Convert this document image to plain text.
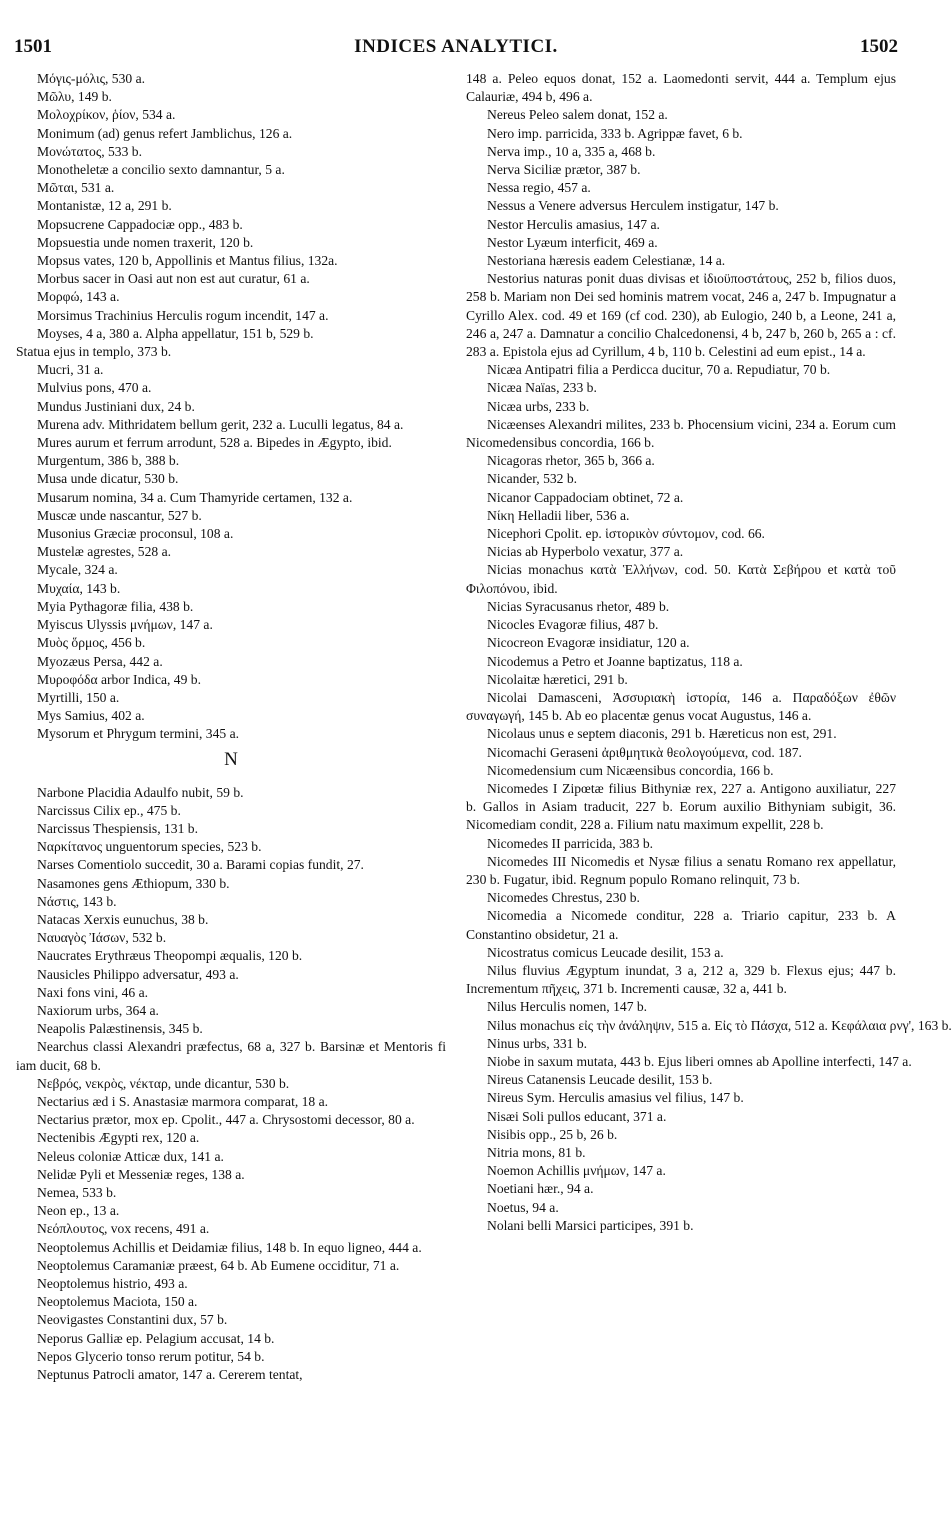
1501	INDICES ANALYTICI.	1502

Μόγις-μόλις, 530 a.

Μῶλυ, 149 b.

Μολοχρίκον, ῥίον, 534 a.

Monimum (ad) genus refert Jamblichus, 126 a.

Μονώτατος, 533 b.

Monotheletæ a concilio sexto damnantur, 5 a.

Μῶται, 531 a.

Montanistæ, 12 a, 291 b.

Mopsucrene Cappadociæ opp., 483 b.

Mopsuestia unde nomen traxerit, 120 b.

Mopsus vates, 120 b, Appollinis et Mantus filius, 132a.

Morbus sacer in Oasi aut non est aut curatur, 61 a.

Μορφώ, 143 a.

Morsimus Trachinius Herculis rogum incendit, 147 a.

Moyses, 4 a, 380 a. Alpha appellatur, 151 b, 529 b.

Statua ejus in templo, 373 b.

Mucri, 31 a.

Mulvius pons, 470 a.

Mundus Justiniani dux, 24 b.

Murena adv. Mithridatem bellum gerit, 232 a. Luculli legatus, 84 a.

Mures aurum et ferrum arrodunt, 528 a. Bipedes in Ægypto, ibid.

Murgentum, 386 b, 388 b.

Musa unde dicatur, 530 b.

Musarum nomina, 34 a. Cum Thamyride certamen, 132 a.

Muscæ unde nascantur, 527 b.

Musonius Græciæ proconsul, 108 a.

Mustelæ agrestes, 528 a.

Mycale, 324 a.

Μυχαία, 143 b.

Myia Pythagoræ filia, 438 b.

Myiscus Ulyssis μνήμων, 147 a.

Μυὸς ὅρμος, 456 b.

Myozæus Persa, 442 a.

Μυροφόδα arbor Indica, 49 b.

Myrtilli, 150 a.

Mys Samius, 402 a.

Mysorum et Phrygum termini, 345 a.

N

Narbone Placidia Adaulfo nubit, 59 b.

Narcissus Cilix ep., 475 b.

Narcissus Thespiensis, 131 b.

Ναρκίτανος unguentorum species, 523 b.

Narses Comentiolo succedit, 30 a. Barami copias fundit, 27.

Nasamones gens Æthiopum, 330 b.

Νάστις, 143 b.

Natacas Xerxis eunuchus, 38 b.

Ναυαγὸς Ἰάσων, 532 b.

Naucrates Erythræus Theopompi æqualis, 120 b.

Nausicles Philippo adversatur, 493 a.

Naxi fons vini, 46 a.

Naxiorum urbs, 364 a.

Neapolis Palæstinensis, 345 b.

Nearchus classi Alexandri præfectus, 68 a, 327 b. Barsinæ et Mentoris fi iam ducit, 68 b.

Νεβρός, νεκρὸς, νέκταρ, unde dicantur, 530 b.

Nectarius æd i S. Anastasiæ marmora comparat, 18 a.

Nectarius prætor, mox ep. Cpolit., 447 a. Chrysostomi decessor, 80 a.

Nectenibis Ægypti rex, 120 a.

Neleus coloniæ Atticæ dux, 141 a.

Nelidæ Pyli et Messeniæ reges, 138 a.

Nemea, 533 b.

Neon ep., 13 a.

Νεόπλουτος, vox recens, 491 a.

Neoptolemus Achillis et Deidamiæ filius, 148 b. In equo ligneo, 444 a.

Neoptolemus Caramaniæ præest, 64 b. Ab Eumene occiditur, 71 a.

Neoptolemus histrio, 493 a.

Neoptolemus Maciota, 150 a.

Neovigastes Constantini dux, 57 b.

Neporus Galliæ ep. Pelagium accusat, 14 b.

Nepos Glycerio tonso rerum potitur, 54 b.

Neptunus Patrocli amator, 147 a. Cererem tentat,

148 a. Peleo equos donat, 152 a. Laomedonti servit, 444 a. Templum ejus Calauriæ, 494 b, 496 a.

Nereus Peleo salem donat, 152 a.

Nero imp. parricida, 333 b. Agrippæ favet, 6 b.

Nerva imp., 10 a, 335 a, 468 b.

Nerva Siciliæ prætor, 387 b.

Nessa regio, 457 a.

Nessus a Venere adversus Herculem instigatur, 147 b.

Nestor Herculis amasius, 147 a.

Nestor Lyæum interficit, 469 a.

Nestoriana hæresis eadem Celestianæ, 14 a.

Nestorius naturas ponit duas divisas et ἰδιοϋποστάτους, 252 b, filios duos, 258 b. Mariam non Dei sed hominis matrem vocat, 246 a, 247 b. Impugnatur a Cyrillo Alex. cod. 49 et 169 (cf cod. 230), ab Eulogio, 240 b, a Leone, 241 a, 246 a, 247 a. Damnatur a concilio Chalcedonensi, 4 b, 247 b, 260 b, 265 a : cf. 283 a. Epistola ejus ad Cyrillum, 4 b, 110 b. Celestini ad eum epist., 14 a.

Nicæa Antipatri filia a Perdicca ducitur, 70 a. Repudiatur, 70 b.

Nicæa Naïas, 233 b.

Nicæa urbs, 233 b.

Nicæenses Alexandri milites, 233 b. Phocensium vicini, 234 a. Eorum cum Nicomedensibus concordia, 166 b.

Nicagoras rhetor, 365 b, 366 a.

Nicander, 532 b.

Nicanor Cappadociam obtinet, 72 a.

Νίκη Helladii liber, 536 a.

Nicephori Cpolit. ep. ἱστορικὸν σύντομον, cod. 66.

Nicias ab Hyperbolo vexatur, 377 a.

Nicias monachus κατὰ Ἑλλήνων, cod. 50. Κατὰ Σεβήρου et κατὰ τοῦ Φιλοπόνου, ibid.

Nicias Syracusanus rhetor, 489 b.

Nicocles Evagoræ filius, 487 b.

Nicocreon Evagoræ insidiatur, 120 a.

Nicodemus a Petro et Joanne baptizatus, 118 a.

Nicolaitæ hæretici, 291 b.

Nicolai Damasceni, Ἀσσυριακὴ ἱστορία, 146 a. Παραδόξων ἐθῶν συναγωγή, 145 b. Ab eo placentæ genus vocat Augustus, 146 a.

Nicolaus unus e septem diaconis, 291 b. Hæreticus non est, 291.

Nicomachi Geraseni ἀριθμητικὰ θεολογούμενα, cod. 187.

Nicomedensium cum Nicæensibus concordia, 166 b.

Nicomedes I Zipœtæ filius Bithyniæ rex, 227 a. Antigono auxiliatur, 227 b. Gallos in Asiam traducit, 227 b. Eorum auxilio Bithyniam subigit, 36. Nicomediam condit, 228 a. Filium natu maximum expellit, 228 b.

Nicomedes II parricida, 383 b.

Nicomedes III Nicomedis et Nysæ filius a senatu Romano rex appellatur, 230 b. Fugatur, ibid. Regnum populo Romano relinquit, 73 b.

Nicomedes Chrestus, 230 b.

Nicomedia a Nicomede conditur, 228 a. Triario capitur, 233 b. A Constantino obsidetur, 21 a.

Nicostratus comicus Leucade desilit, 153 a.

Nilus fluvius Ægyptum inundat, 3 a, 212 a, 329 b. Flexus ejus; 447 b. Incrementum πῆχεις, 371 b. Incrementi causæ, 32 a, 441 b.

Nilus Herculis nomen, 147 b.

Nilus monachus εἰς τὴν ἀνάληψιν, 515 a. Εἰς τὸ Πάσχα, 512 a. Κεφάλαια ρνγ', 163 b.

Ninus urbs, 331 b.

Niobe in saxum mutata, 443 b. Ejus liberi omnes ab Apolline interfecti, 147 a.

Nireus Catanensis Leucade desilit, 153 b.

Nireus Sym. Herculis amasius vel filius, 147 b.

Nisæi Soli pullos educant, 371 a.

Nisibis opp., 25 b, 26 b.

Nitria mons, 81 b.

Noemon Achillis μνήμων, 147 a.

Noetiani hær., 94 a.

Noetus, 94 a.

Nolani belli Marsici participes, 391 b.
